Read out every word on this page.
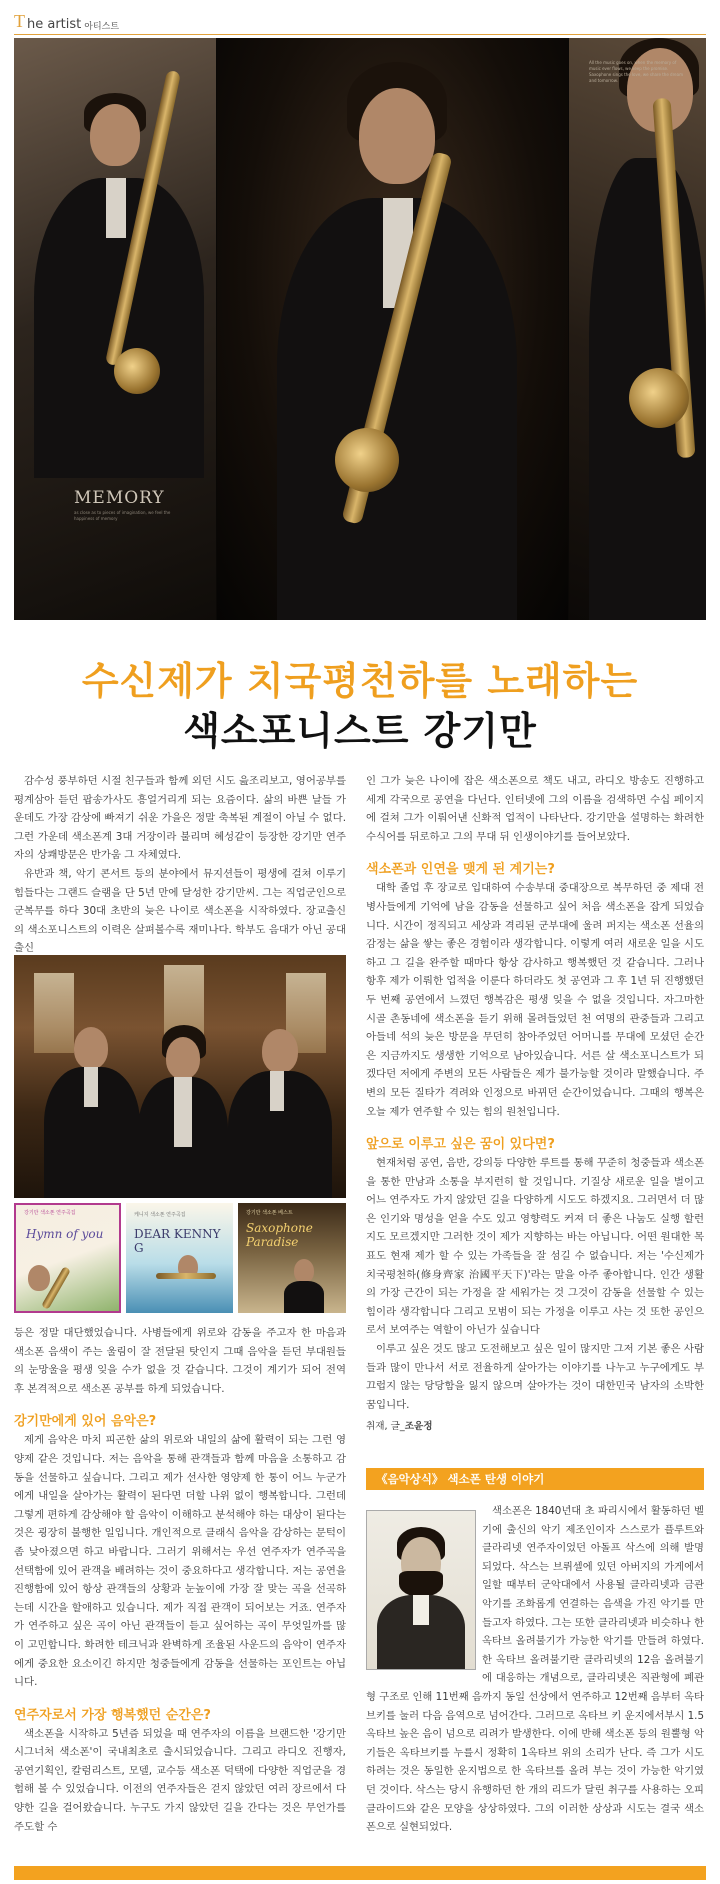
T he artist 아티스트
MEMORY
as close as to pieces of imagination, we feel the happiness of memory
All the music goes on, when the memory of music ever flows, we keep the promise. Saxophone sings the love, we share the dream and tomorrow.
수신제가 치국평천하를 노래하는
색소포니스트 강기만

감수성 풍부하던 시절 친구들과 함께 외던 시도 읊조리보고, 영어공부를 평계삼아 듣던 팝송가사도 흥얼거리게 되는 요즘이다. 삶의 바쁜 날들 가운데도 가장 감상에 빠져기 쉬운 가을은 정말 축복된 계절이 아닐 수 없다. 그런 가운데 색소폰계 3대 거장이라 불리며 혜성같이 등장한 강기만 연주자의 상쾌방문은 반가움 그 자체였다.

유반과 책, 악기 콘서트 등의 분야에서 뮤지션들이 평생에 걸쳐 이루기 힘들다는 그랜드 슬램을 단 5년 만에 달성한 강기만씨. 그는 직업군인으로 군복무를 하다 30대 초반의 늦은 나이로 색소폰을 시작하였다. 장교출신의 색소포니스트의 이력은 살펴볼수록 재미나다. 학부도 음대가 아닌 공대출신

강기만 색소폰 연주곡집
Hymn of you
케니지 색소폰 연주곡집
DEAR KENNY G
강기만 색소폰 베스트
Saxophone Paradise

등은 정말 대단했었습니다. 사병들에게 위로와 감동을 주고자 한 마음과 색소폰 음색이 주는 울림이 잘 전달된 탓인지 그때 음악을 듣던 부대원들의 눈망울을 평생 잊을 수가 없을 것 같습니다. 그것이 계기가 되어 전역 후 본격적으로 색소폰 공부를 하게 되었습니다.

강기만에게 있어 음악은?

제게 음악은 마치 피곤한 삶의 위로와 내일의 삶에 활력이 되는 그런 영양제 같은 것입니다. 저는 음악을 통해 관객들과 함께 마음을 소통하고 감동을 선물하고 싶습니다. 그리고 제가 선사한 영양제 한 통이 어느 누군가에게 내일을 살아가는 활력이 된다면 더할 나위 없이 행복합니다. 그런데 그렇게 편하게 감상해야 할 음악이 이해하고 분석해야 하는 대상이 된다는 것은 굉장히 불행한 일입니다. 개인적으로 클래식 음악을 감상하는 문턱이 좀 낮아졌으면 하고 바랍니다. 그러기 위해서는 우선 연주자가 연주곡을 선택함에 있어 관객을 배려하는 것이 중요하다고 생각합니다. 저는 공연을 진행함에 있어 항상 관객들의 상황과 눈높이에 가장 잘 맞는 곡을 선곡하는데 시간을 할애하고 있습니다. 제가 직접 관객이 되어보는 거죠. 연주자가 연주하고 싶은 곡이 아닌 관객들이 듣고 싶어하는 곡이 무엇일까를 많이 고민합니다. 화려한 테크닉과 완벽하게 조율된 사운드의 음악이 연주자에게 중요한 요소이긴 하지만 청중들에게 감동을 선물하는 포인트는 아닙니다.

연주자로서 가장 행복했던 순간은?

색소폰을 시작하고 5년즘 되었을 때 연주자의 이름을 브랜드한 '강기만 시그너처 색소폰'이 국내최초로 출시되었습니다. 그리고 라디오 진행자, 공연기획인, 칼럼리스트, 모델, 교수등 색소폰 덕택에 다양한 직업군을 경험해 볼 수 있었습니다. 이전의 연주자들은 걷지 않았던 여러 장르에서 다양한 길을 걸어왔습니다. 누구도 가지 않았던 길을 간다는 것은 무언가를 주도할 수

인 그가 늦은 나이에 잡은 색소폰으로 책도 내고, 라디오 방송도 진행하고 세계 각국으로 공연을 다닌다. 인터넷에 그의 이름을 검색하면 수십 페이지에 걸쳐 그가 이뤄어낸 신화적 업적이 나타난다. 강기만을 설명하는 화려한 수식어를 뒤로하고 그의 무대 뒤 인생이야기를 들어보았다.

색소폰과 인연을 맺게 된 계기는?

대학 졸업 후 장교로 입대하여 수송부대 중대장으로 복무하던 중 제대 전 병사들에게 기억에 남을 감동을 선물하고 싶어 처음 색소폰을 잡게 되었습니다. 시간이 정직되고 세상과 격리된 군부대에 울려 퍼지는 색소폰 선율의 감정는 삶을 쌓는 좋은 경험이라 생각합니다. 이렇게 여러 새로운 일을 시도하고 그 길을 완주할 때마다 항상 감사하고 행복했던 것 같습니다. 그러나 항후 제가 이뤄한 업적을 이룬다 하더라도 첫 공연과 그 후 1년 뒤 진행했던 두 번째 공연에서 느꼈던 행복감은 평생 잊을 수 없을 것입니다. 자그마한 시골 촌동네에 색소폰을 듣기 위해 몰려들었던 천 여명의 관중들과 그리고 아들네 석의 늦은 방문을 무던히 참아주었던 어머니를 무대에 모셨던 순간은 지금까지도 생생한 기억으로 남아있습니다. 서른 살 색소포니스트가 되겠다던 저에게 주변의 모든 사람들은 제가 불가능할 것이라 말했습니다. 주변의 모든 질타가 격려와 인정으로 바뀌던 순간이었습니다. 그때의 행복은 오늘 제가 연주할 수 있는 힘의 원천입니다.

앞으로 이루고 싶은 꿈이 있다면?

현재처럼 공연, 음반, 강의등 다양한 루트를 통해 꾸준히 청중들과 색소폰을 통한 만남과 소통을 부지런히 할 것입니다. 기질상 새로운 일을 벌이고 어느 연주자도 가지 않았던 길을 다양하게 시도도 하겠지요. 그러면서 더 많은 인기와 명성을 얻을 수도 있고 영향력도 커져 더 좋은 나눔도 실행 할런지도 모르겠지만 그러한 것이 제가 지향하는 바는 아닙니다. 어떤 원대한 목표도 현재 제가 할 수 있는 가족들을 잘 섬길 수 없습니다. 저는 '수신제가 치국평천하(修身齊家 治國平天下)'라는 말을 아주 좋아합니다. 인간 생활의 가장 근간이 되는 가정을 잘 세워가는 것 그것이 감동을 선물할 수 있는 힘이라 생각합니다 그리고 모범이 되는 가정을 이루고 사는 것 또한 공인으로서 보여주는 역할이 아닌가 싶습니다

이루고 싶은 것도 많고 도전해보고 싶은 일이 많지만 그저 기본 좋은 사람들과 많이 만나서 서로 전율하게 살아가는 이야기를 나누고 누구에게도 부끄럽지 않는 당당함을 잃지 않으며 살아가는 것이 대한민국 남자의 소박한 꿈입니다.

취재, 글_조윤정
《음악상식》 색소폰 탄생 이야기

색소폰은 1840년대 초 파리시에서 활동하던 벨기에 출신의 악기 제조인이자 스스로가 플루트와 클라리넷 연주자이었던 아돌프 삭스에 의해 발명되었다. 삭스는 브뤼셀에 있던 아버지의 가게에서 일할 때부터 군악대에서 사용될 클라리넷과 금관 악기를 조화롭게 연결하는 음색을 가진 악기를 만들고자 하였다. 그는 또한 클라리넷과 비슷하나 한 옥타브 올려불기가 가능한 악기를 만들려 하였다. 한 옥타브 올려불기란 클라리넷의 12음 올려불기에 대응하는 개념으로, 클라리넷은 직관형에 폐관형 구조로 인해 11번째 음까지 동일 선상에서 연주하고 12번째 음부터 옥타브키를 눌러 다음 음역으로 넘어간다. 그러므로 옥타브 키 운지에서부시 1.5옥타브 높은 음이 넘으로 리려가 발생한다. 이에 반해 색소폰 등의 원뿔형 악기들은 옥타브키를 누를시 정확히 1옥타브 위의 소리가 난다. 즉 그가 시도하려는 것은 동일한 운지법으로 한 옥타브를 올려 부는 것이 가능한 악기였던 것이다. 삭스는 당시 유행하던 한 개의 리드가 달린 취구를 사용하는 오피클라이드와 같은 모양을 상상하였다. 그의 이러한 상상과 시도는 결국 색소폰으로 실현되었다.
